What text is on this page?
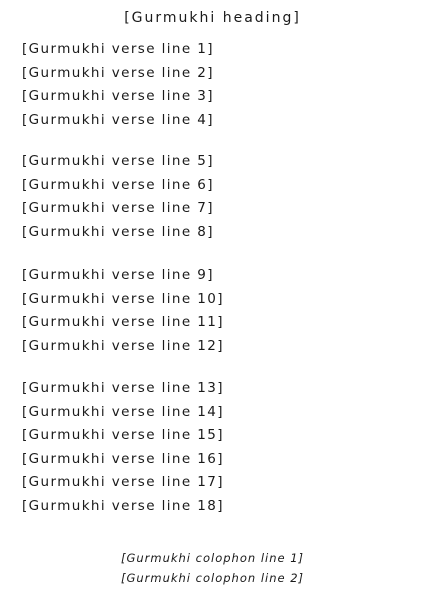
[Gurmukhi heading]
[Gurmukhi verse line 1]
[Gurmukhi verse line 2]
[Gurmukhi verse line 3]
[Gurmukhi verse line 4]
[Gurmukhi verse line 5]
[Gurmukhi verse line 6]
[Gurmukhi verse line 7]
[Gurmukhi verse line 8]
[Gurmukhi verse line 9]
[Gurmukhi verse line 10]
[Gurmukhi verse line 11]
[Gurmukhi verse line 12]
[Gurmukhi verse line 13]
[Gurmukhi verse line 14]
[Gurmukhi verse line 15]
[Gurmukhi verse line 16]
[Gurmukhi verse line 17]
[Gurmukhi verse line 18]
[Gurmukhi colophon line 1]
[Gurmukhi colophon line 2]
